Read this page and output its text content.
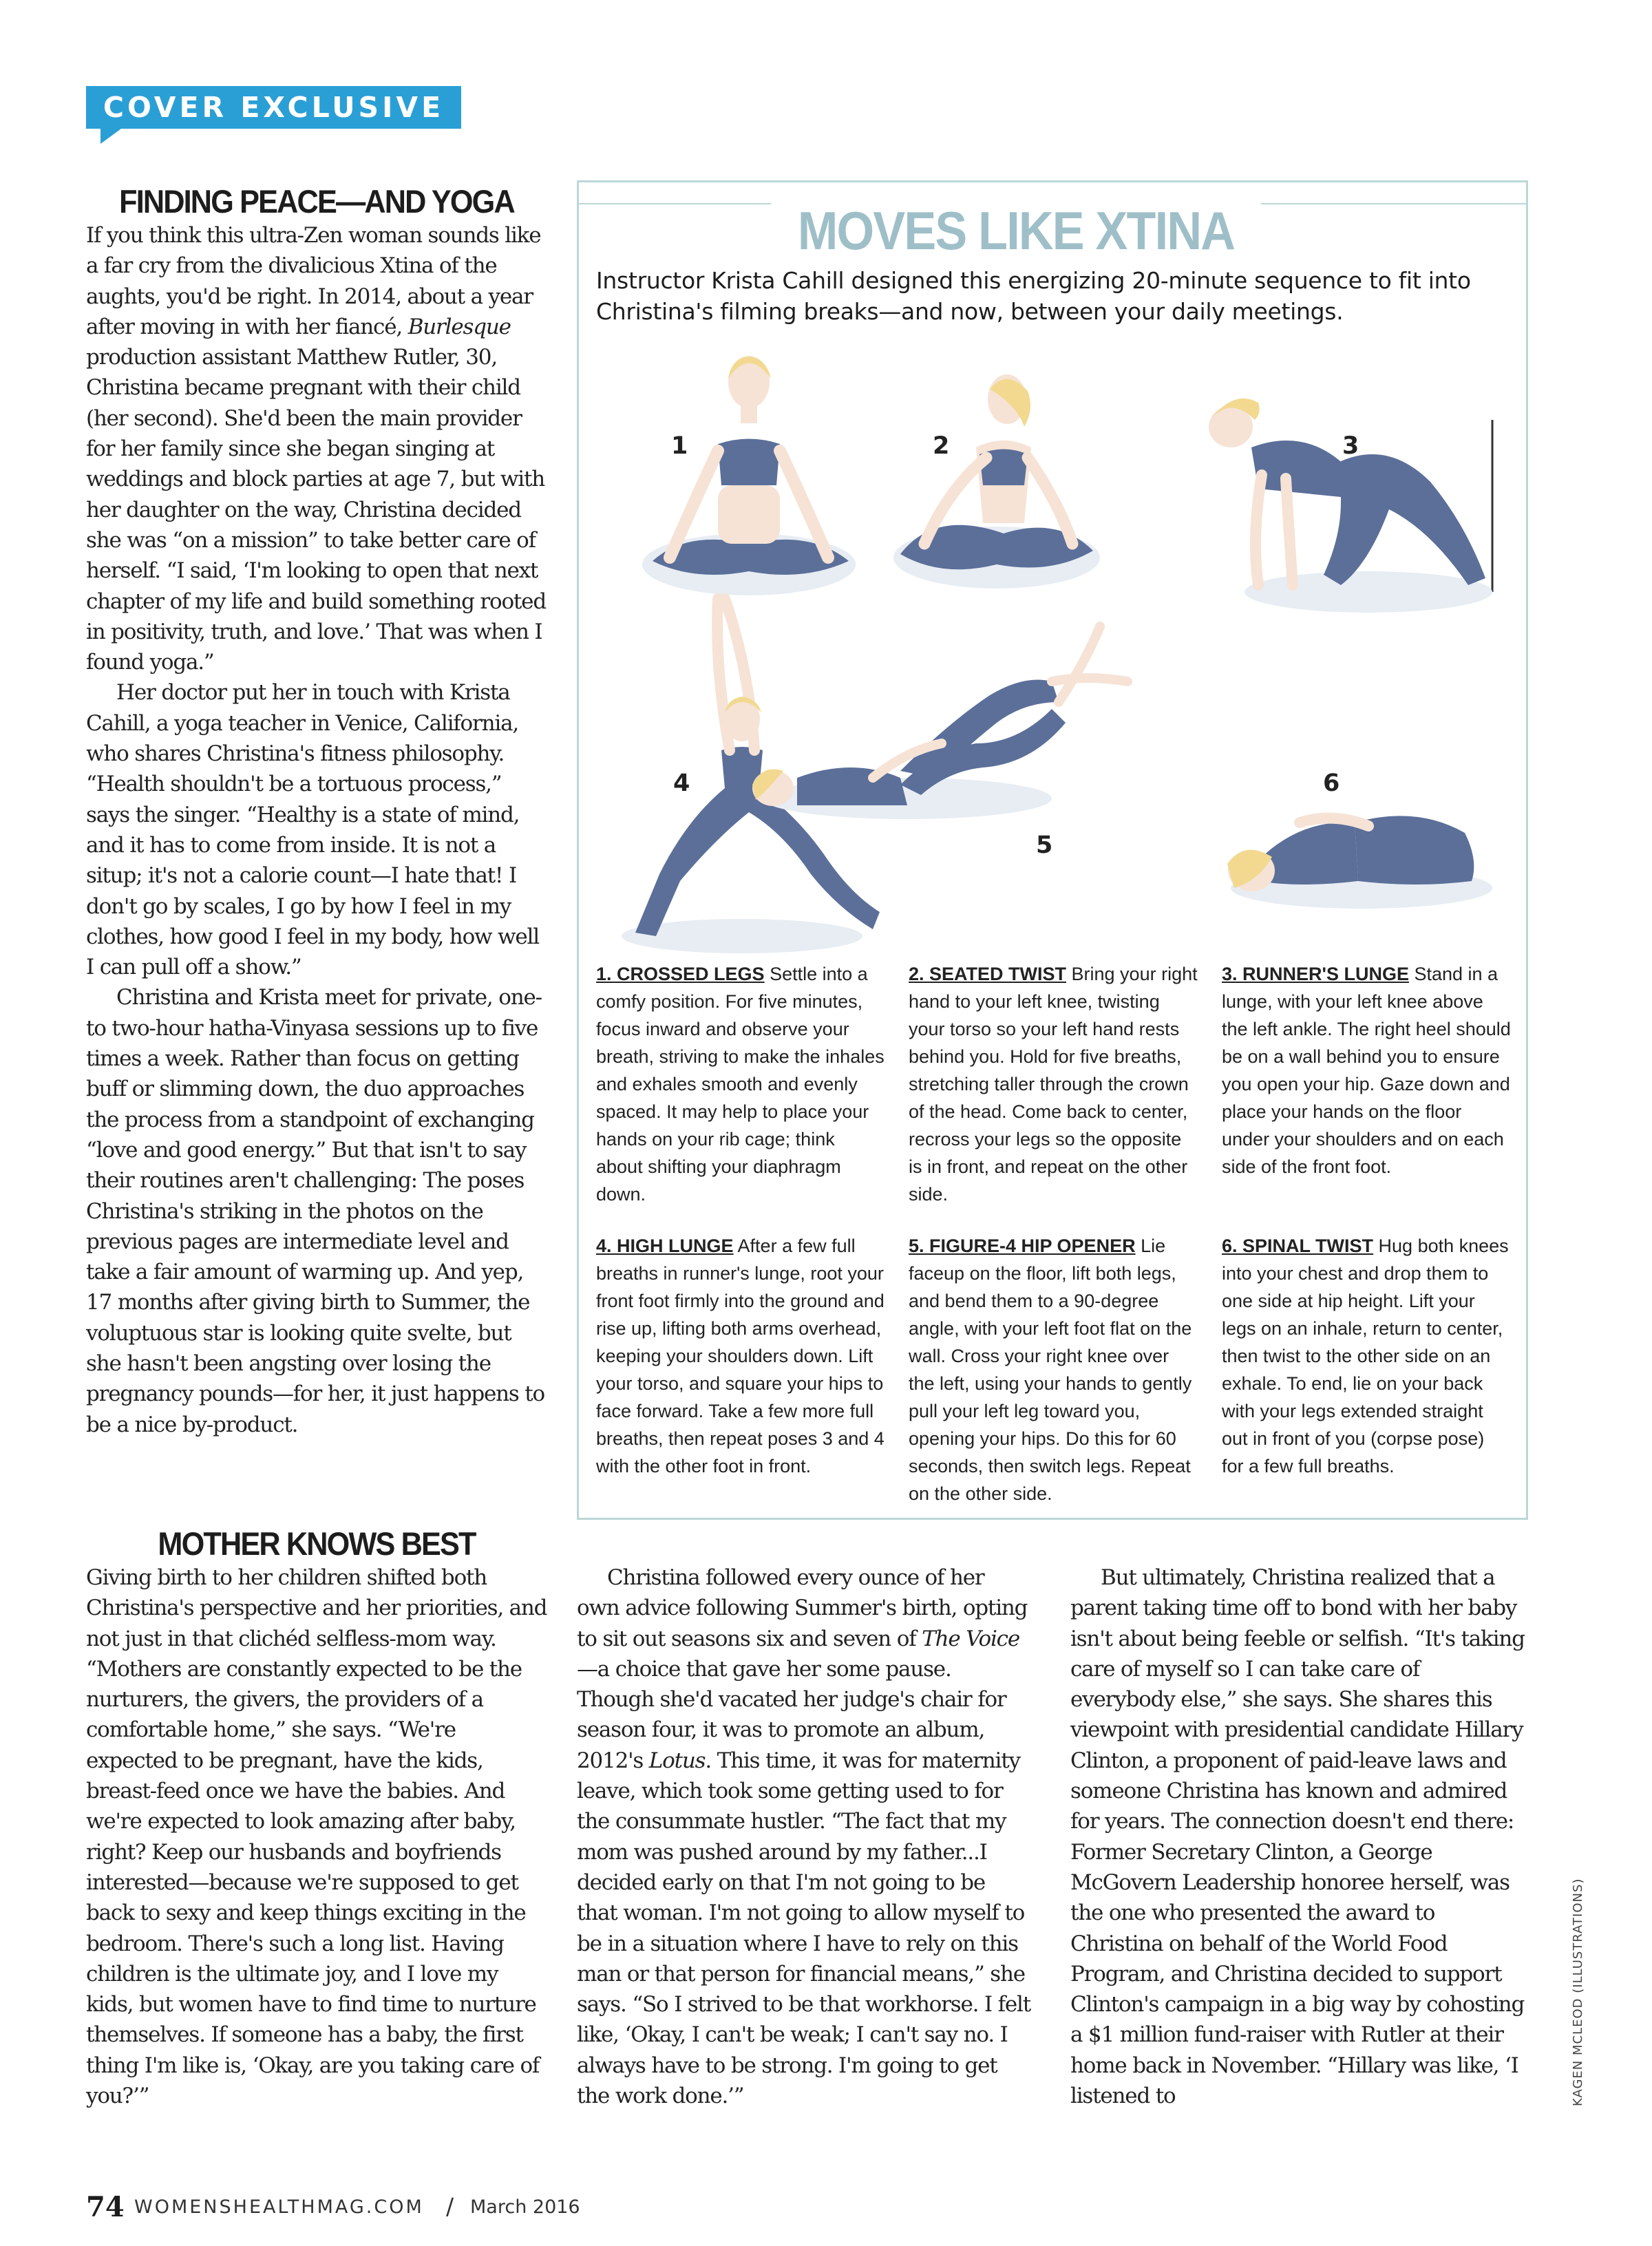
COVER EXCLUSIVE
FINDING PEACE—AND YOGA

If you think this ultra-Zen woman sounds like a far cry from the divalicious Xtina of the aughts, you'd be right. In 2014, about a year after moving in with her fiancé, Burlesque production assistant Matthew Rutler, 30, Christina became pregnant with their child (her second). She'd been the main provider for her family since she began singing at weddings and block parties at age 7, but with her daughter on the way, Christina decided she was “on a mission” to take better care of herself. “I said, ‘I'm looking to open that next chapter of my life and build something rooted in positivity, truth, and love.’ That was when I found yoga.”

Her doctor put her in touch with Krista Cahill, a yoga teacher in Venice, California, who shares Christina's fitness philosophy. “Health shouldn't be a tortuous process,” says the singer. “Healthy is a state of mind, and it has to come from inside. It is not a situp; it's not a calorie count—I hate that! I don't go by scales, I go by how I feel in my clothes, how good I feel in my body, how well I can pull off a show.”

Christina and Krista meet for private, one- to two-hour hatha-Vinyasa sessions up to five times a week. Rather than focus on getting buff or slimming down, the duo approaches the process from a standpoint of exchanging “love and good energy.” But that isn't to say their routines aren't challenging: The poses Christina's striking in the photos on the previous pages are intermediate level and take a fair amount of warming up. And yep, 17 months after giving birth to Summer, the voluptuous star is looking quite svelte, but she hasn't been angsting over losing the pregnancy pounds—for her, it just happens to be a nice by-product.

MOTHER KNOWS BEST

Giving birth to her children shifted both Christina's perspective and her priorities, and not just in that clichéd selfless-mom way. “Mothers are constantly expected to be the nurturers, the givers, the providers of a comfortable home,” she says. “We're expected to be pregnant, have the kids, breast-feed once we have the babies. And we're expected to look amazing after baby, right? Keep our husbands and boyfriends interested—because we're supposed to get back to sexy and keep things exciting in the bedroom. There's such a long list. Having children is the ultimate joy, and I love my kids, but women have to find time to nurture themselves. If someone has a baby, the first thing I'm like is, ‘Okay, are you taking care of you?’”

Christina followed every ounce of her own advice following Summer's birth, opting to sit out seasons six and seven of The Voice—a choice that gave her some pause. Though she'd vacated her judge's chair for season four, it was to promote an album, 2012's Lotus. This time, it was for maternity leave, which took some getting used to for the consummate hustler. “The fact that my mom was pushed around by my father...I decided early on that I'm not going to be that woman. I'm not going to allow myself to be in a situation where I have to rely on this man or that person for financial means,” she says. “So I strived to be that workhorse. I felt like, ‘Okay, I can't be weak; I can't say no. I always have to be strong. I'm going to get the work done.’”

But ultimately, Christina realized that a parent taking time off to bond with her baby isn't about being feeble or selfish. “It's taking care of myself so I can take care of everybody else,” she says. She shares this viewpoint with presidential candidate Hillary Clinton, a proponent of paid-leave laws and someone Christina has known and admired for years. The connection doesn't end there: Former Secretary Clinton, a George McGovern Leadership honoree herself, was the one who presented the award to Christina on behalf of the World Food Program, and Christina decided to support Clinton's campaign in a big way by cohosting a $1 million fund-raiser with Rutler at their home back in November. “Hillary was like, ‘I listened to

MOVES LIKE XTINA
Instructor Krista Cahill designed this energizing 20-minute sequence to fit into Christina's filming breaks—and now, between your daily meetings.
1	2	3
4
5
6
1. CROSSED LEGS Settle into a comfy position. For five minutes, focus inward and observe your breath, striving to make the inhales and exhales smooth and evenly spaced. It may help to place your hands on your rib cage; think about shifting your diaphragm down.
2. SEATED TWIST Bring your right hand to your left knee, twisting your torso so your left hand rests behind you. Hold for five breaths, stretching taller through the crown of the head. Come back to center, recross your legs so the opposite is in front, and repeat on the other side.
3. RUNNER'S LUNGE Stand in a lunge, with your left knee above the left ankle. The right heel should be on a wall behind you to ensure you open your hip. Gaze down and place your hands on the floor under your shoulders and on each side of the front foot.
4. HIGH LUNGE After a few full breaths in runner's lunge, root your front foot firmly into the ground and rise up, lifting both arms overhead, keeping your shoulders down. Lift your torso, and square your hips to face forward. Take a few more full breaths, then repeat poses 3 and 4 with the other foot in front.
5. FIGURE-4 HIP OPENER Lie faceup on the floor, lift both legs, and bend them to a 90-degree angle, with your left foot flat on the wall. Cross your right knee over the left, using your hands to gently pull your left leg toward you, opening your hips. Do this for 60 seconds, then switch legs. Repeat on the other side.
6. SPINAL TWIST Hug both knees into your chest and drop them to one side at hip height. Lift your legs on an inhale, return to center, then twist to the other side on an exhale. To end, lie on your back with your legs extended straight out in front of you (corpse pose) for a few full breaths.
74 WOMENSHEALTHMAG.COM / March 2016
KAGEN MCLEOD (ILLUSTRATIONS)
